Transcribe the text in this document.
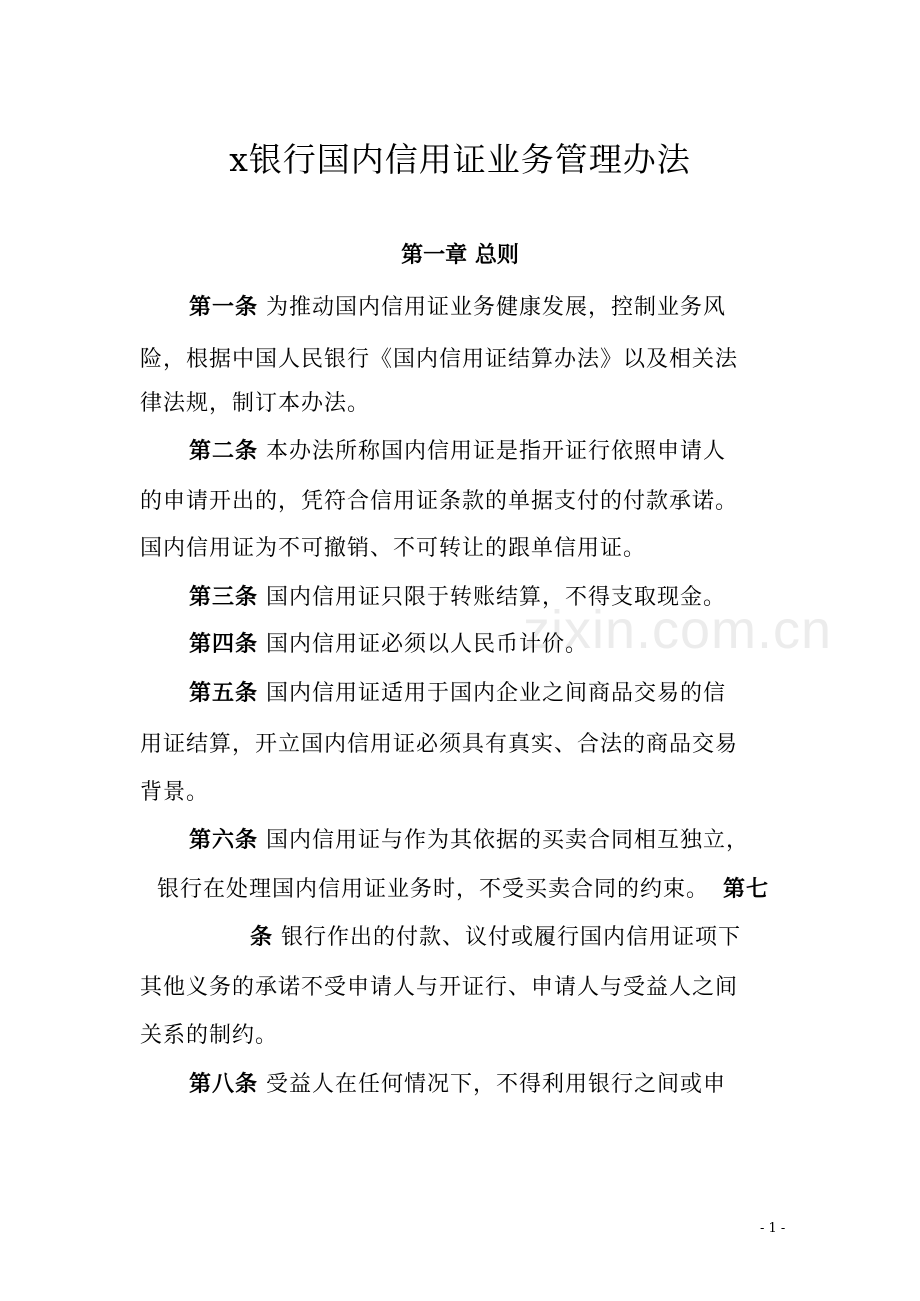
zixin.com.cn
x银行国内信用证业务管理办法
第一章 总则
第一条 为推动国内信用证业务健康发展，控制业务风
险，根据中国人民银行《国内信用证结算办法》以及相关法
律法规，制订本办法。
第二条 本办法所称国内信用证是指开证行依照申请人
的申请开出的，凭符合信用证条款的单据支付的付款承诺。
国内信用证为不可撤销、不可转让的跟单信用证。
第三条 国内信用证只限于转账结算，不得支取现金。
第四条 国内信用证必须以人民币计价。
第五条 国内信用证适用于国内企业之间商品交易的信
用证结算，开立国内信用证必须具有真实、合法的商品交易
背景。
第六条 国内信用证与作为其依据的买卖合同相互独立，
银行在处理国内信用证业务时，不受买卖合同的约束。 第七
条 银行作出的付款、议付或履行国内信用证项下
其他义务的承诺不受申请人与开证行、申请人与受益人之间
关系的制约。
第八条 受益人在任何情况下，不得利用银行之间或申
- 1 -
